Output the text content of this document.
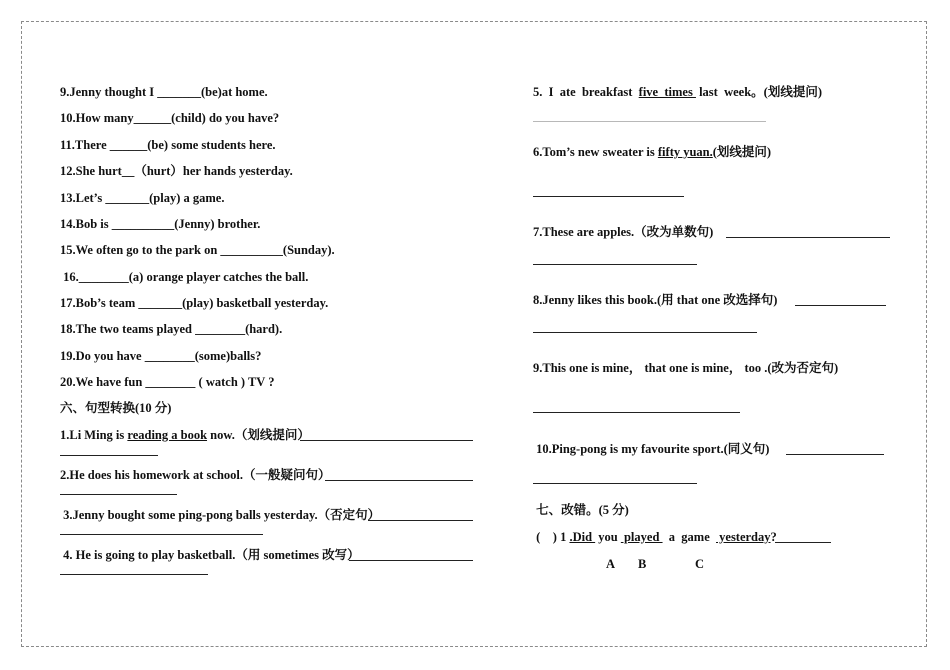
9.Jenny thought I _______(be)at home.
10.How many______(child) do you have?
11.There ______(be) some students here.
12.She hurt__（hurt）her hands yesterday.
13.Let’s _______(play) a game.
14.Bob is __________(Jenny) brother.
15.We often go to the park on __________(Sunday).
16.________(a) orange player catches the ball.
17.Bob’s team _______(play) basketball yesterday.
18.The two teams played ________(hard).
19.Do you have ________(some)balls?
20.We have fun ________ ( watch ) TV ?
六、句型转换(10 分)
1.Li Ming is reading a book now.（划线提问）
2.He does his homework at school.（一般疑问句）
3.Jenny bought some ping-pong balls yesterday.（否定句）
4. He is going to play basketball.（用 sometimes 改写）
5.  I  ate  breakfast  five  times  last  week。(划线提问)
6.Tom’s new sweater is fifty yuan.(划线提问)
7.These are apples.（改为单数句)
8.Jenny likes this book.(用 that one 改选择句)
9.This one is mine， that one is mine， too .(改为否定句)
10.Ping-pong is my favourite sport.(同义句)
七、改错。(5 分)
(    ) 1 .Did  you  played   a  game   yesterday?
A B	C
